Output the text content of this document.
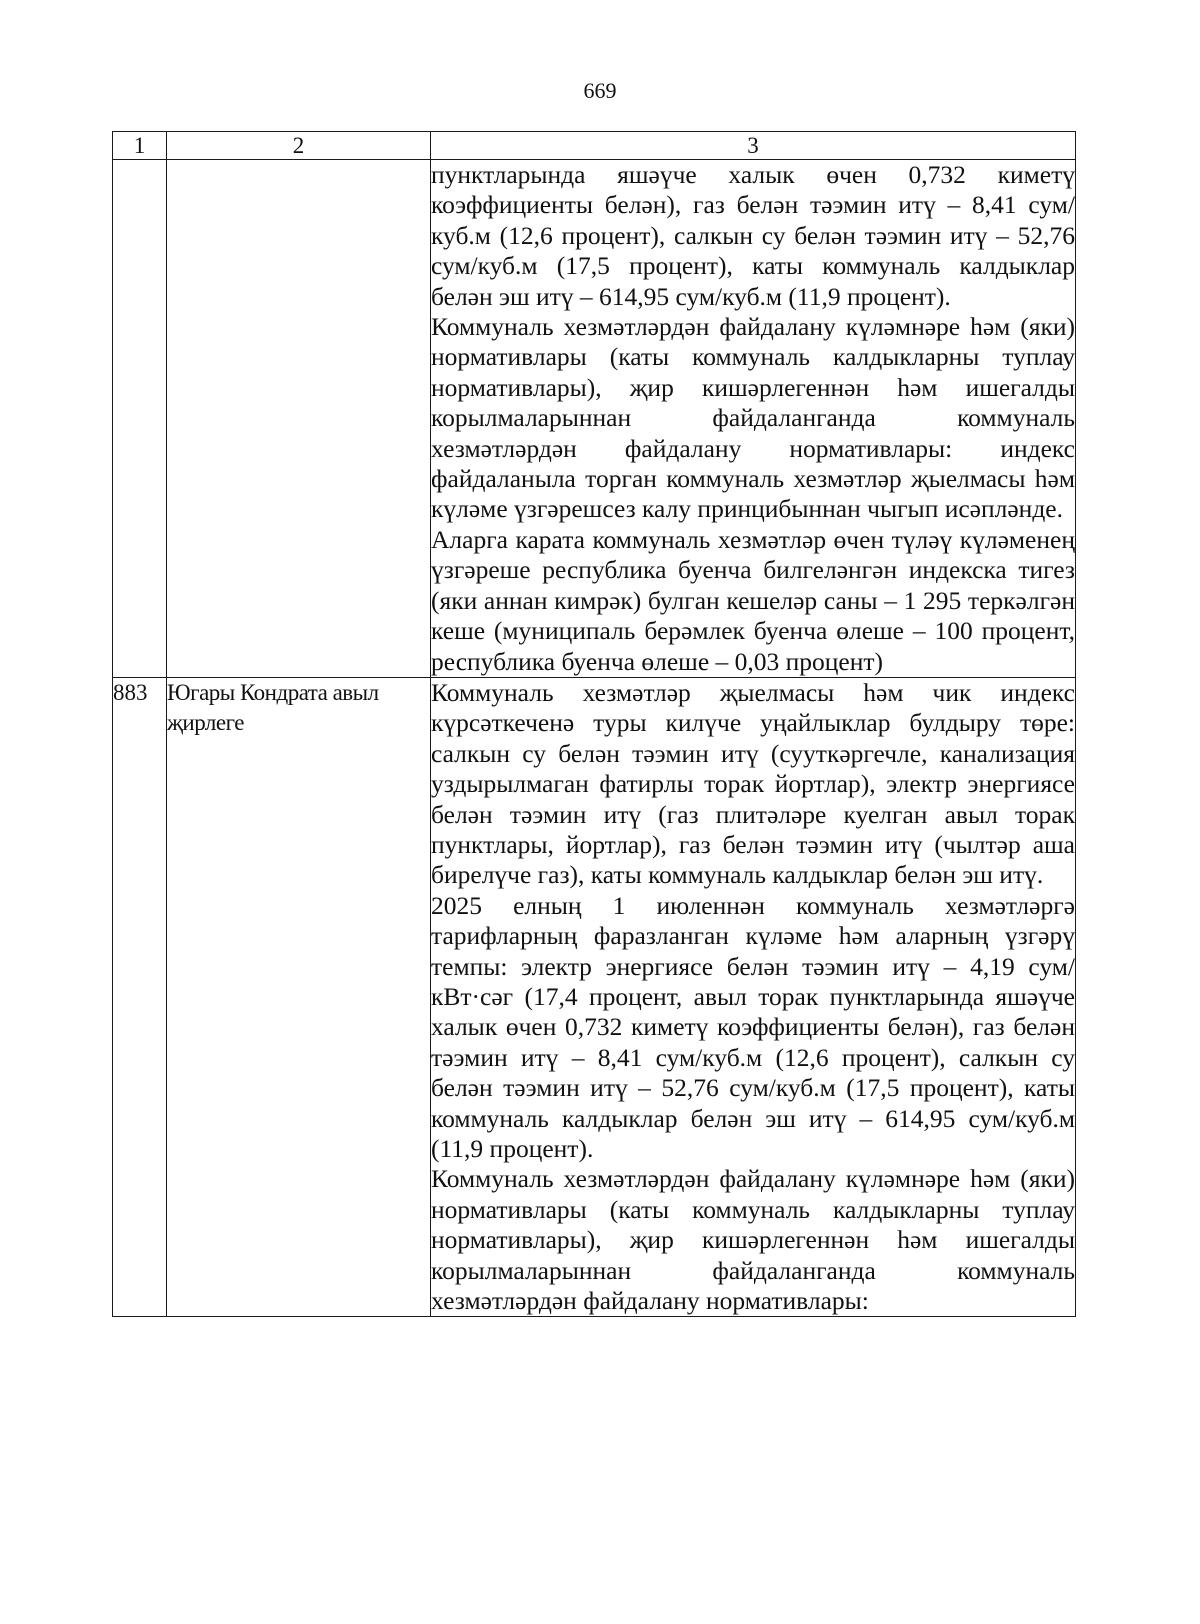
669
1	2	3

		пунктларында яшәүче халык өчен 0,732 киметү коэффициенты белән), газ белән тәэмин итү – 8,41 сум/куб.м (12,6 процент), салкын су белән тәэмин итү – 52,76 сум/куб.м (17,5 процент), каты коммуналь калдыклар белән эш итү – 614,95 сум/куб.м (11,9 процент).

Коммуналь хезмәтләрдән файдалану күләмнәре һәм (яки) нормативлары (каты коммуналь калдыкларны туплау нормативлары), җир кишәрлегеннән һәм ишегалды корылмаларыннан файдаланганда коммуналь хезмәтләрдән файдалану нормативлары: индекс файдаланыла торган коммуналь хезмәтләр җыелмасы һәм күләме үзгәрешсез калу принцибыннан чыгып исәпләнде.

Аларга карата коммуналь хезмәтләр өчен түләү күләменең үзгәреше республика буенча билгеләнгән индекска тигез (яки аннан кимрәк) булган кешеләр саны – 1 295 теркәлгән кеше (муниципаль берәмлек буенча өлеше – 100 процент, республика буенча өлеше – 0,03 процент)

883	Югары Кондрата авыл җирлеге	Коммуналь хезмәтләр җыелмасы һәм чик индекс күрсәткеченә туры килүче уңайлыклар булдыру төре: салкын су белән тәэмин итү (сууткәргечле, канализация уздырылмаган фатирлы торак йортлар), электр энергиясе белән тәэмин итү (газ плитәләре куелган авыл торак пунктлары, йортлар), газ белән тәэмин итү (чылтәр аша бирелүче газ), каты коммуналь калдыклар белән эш итү.

2025 елның 1 июленнән коммуналь хезмәтләргә тарифларның фаразланган күләме һәм аларның үзгәрү темпы: электр энергиясе белән тәэмин итү – 4,19 сум/кВт·сәг (17,4 процент, авыл торак пунктларында яшәүче халык өчен 0,732 киметү коэффициенты белән), газ белән тәэмин итү – 8,41 сум/куб.м (12,6 процент), салкын су белән тәэмин итү – 52,76 сум/куб.м (17,5 процент), каты коммуналь калдыклар белән эш итү – 614,95 сум/куб.м (11,9 процент).

Коммуналь хезмәтләрдән файдалану күләмнәре һәм (яки) нормативлары (каты коммуналь калдыкларны туплау нормативлары), җир кишәрлегеннән һәм ишегалды корылмаларыннан файдаланганда коммуналь хезмәтләрдән файдалану нормативлары:
